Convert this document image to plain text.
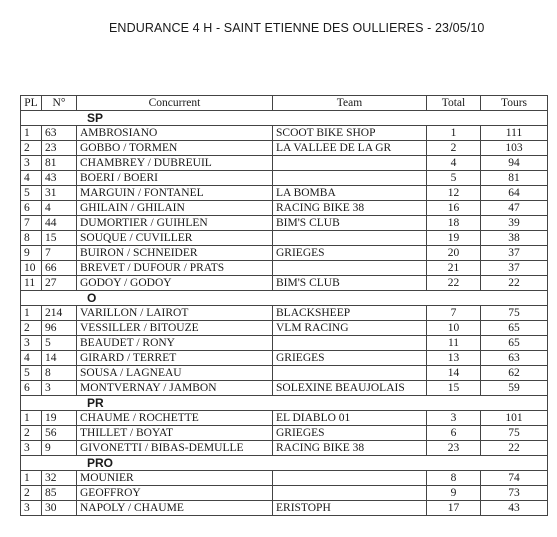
ENDURANCE 4 H - SAINT ETIENNE DES OULLIERES - 23/05/10
PL	N°	Concurrent	Team	Total	Tours
SP					
1	63	AMBROSIANO	SCOOT BIKE SHOP	1	111
2	23	GOBBO / TORMEN	LA VALLEE DE LA GR	2	103
3	81	CHAMBREY / DUBREUIL		4	94
4	43	BOERI / BOERI		5	81
5	31	MARGUIN / FONTANEL	LA BOMBA	12	64
6	4	GHILAIN / GHILAIN	RACING BIKE 38	16	47
7	44	DUMORTIER / GUIHLEN	BIM'S CLUB	18	39
8	15	SOUQUE / CUVILLER		19	38
9	7	BUIRON / SCHNEIDER	GRIEGES	20	37
10	66	BREVET / DUFOUR / PRATS		21	37
11	27	GODOY / GODOY	BIM'S CLUB	22	22
O					
1	214	VARILLON / LAIROT	BLACKSHEEP	7	75
2	96	VESSILLER / BITOUZE	VLM RACING	10	65
3	5	BEAUDET / RONY		11	65
4	14	GIRARD / TERRET	GRIEGES	13	63
5	8	SOUSA / LAGNEAU		14	62
6	3	MONTVERNAY / JAMBON	SOLEXINE BEAUJOLAIS	15	59
PR					
1	19	CHAUME / ROCHETTE	EL DIABLO 01	3	101
2	56	THILLET / BOYAT	GRIEGES	6	75
3	9	GIVONETTI / BIBAS-DEMULLE	RACING BIKE 38	23	22
PRO					
1	32	MOUNIER		8	74
2	85	GEOFFROY		9	73
3	30	NAPOLY / CHAUME	ERISTOPH	17	43
